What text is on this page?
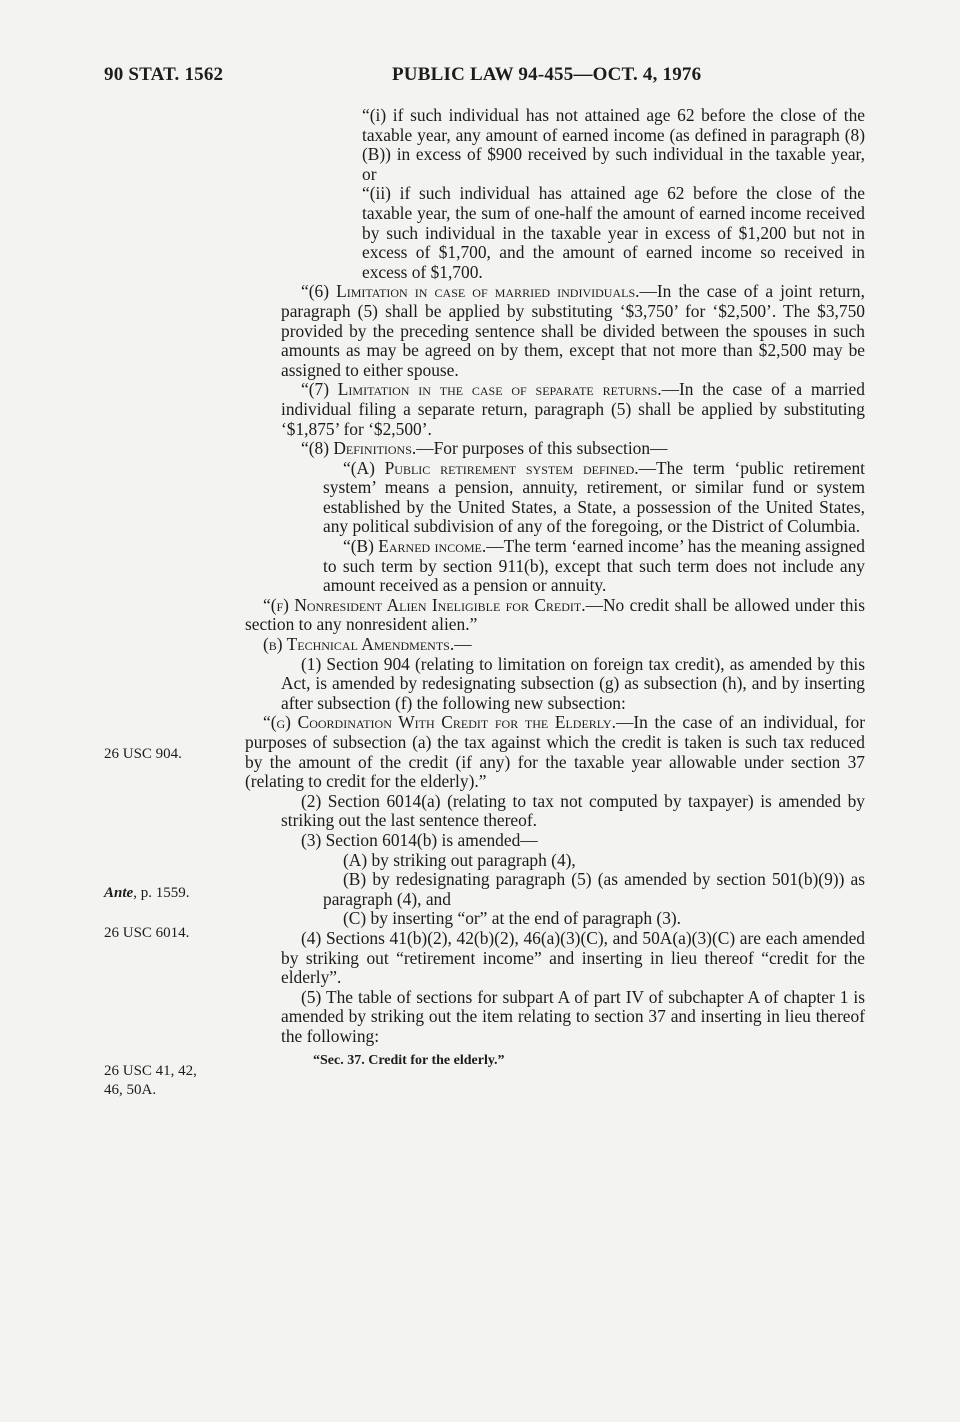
90 STAT. 1562	PUBLIC LAW 94-455—OCT. 4, 1976
26 USC 904.
Ante, p. 1559.
26 USC 6014.
26 USC 41, 42,
46, 50A.

“(i) if such individual has not attained age 62 before the close of the taxable year, any amount of earned income (as defined in paragraph (8)(B)) in excess of $900 received by such individual in the taxable year, or

“(ii) if such individual has attained age 62 before the close of the taxable year, the sum of one-half the amount of earned income received by such individual in the taxable year in excess of $1,200 but not in excess of $1,700, and the amount of earned income so received in excess of $1,700.

“(6) Limitation in case of married individuals.—In the case of a joint return, paragraph (5) shall be applied by substituting ‘$3,750’ for ‘$2,500’. The $3,750 provided by the preceding sentence shall be divided between the spouses in such amounts as may be agreed on by them, except that not more than $2,500 may be assigned to either spouse.

“(7) Limitation in the case of separate returns.—In the case of a married individual filing a separate return, paragraph (5) shall be applied by substituting ‘$1,875’ for ‘$2,500’.

“(8) Definitions.—For purposes of this subsection—

“(A) Public retirement system defined.—The term ‘public retirement system’ means a pension, annuity, retirement, or similar fund or system established by the United States, a State, a possession of the United States, any political subdivision of any of the foregoing, or the District of Columbia.

“(B) Earned income.—The term ‘earned income’ has the meaning assigned to such term by section 911(b), except that such term does not include any amount received as a pension or annuity.

“(f) Nonresident Alien Ineligible for Credit.—No credit shall be allowed under this section to any nonresident alien.”

(b) Technical Amendments.—

(1) Section 904 (relating to limitation on foreign tax credit), as amended by this Act, is amended by redesignating subsection (g) as subsection (h), and by inserting after subsection (f) the following new subsection:

“(g) Coordination With Credit for the Elderly.—In the case of an individual, for purposes of subsection (a) the tax against which the credit is taken is such tax reduced by the amount of the credit (if any) for the taxable year allowable under section 37 (relating to credit for the elderly).”

(2) Section 6014(a) (relating to tax not computed by taxpayer) is amended by striking out the last sentence thereof.

(3) Section 6014(b) is amended—

(A) by striking out paragraph (4),

(B) by redesignating paragraph (5) (as amended by section 501(b)(9)) as paragraph (4), and

(C) by inserting “or” at the end of paragraph (3).

(4) Sections 41(b)(2), 42(b)(2), 46(a)(3)(C), and 50A(a)(3)(C) are each amended by striking out “retirement income” and inserting in lieu thereof “credit for the elderly”.

(5) The table of sections for subpart A of part IV of subchapter A of chapter 1 is amended by striking out the item relating to section 37 and inserting in lieu thereof the following:

“Sec. 37. Credit for the elderly.”
